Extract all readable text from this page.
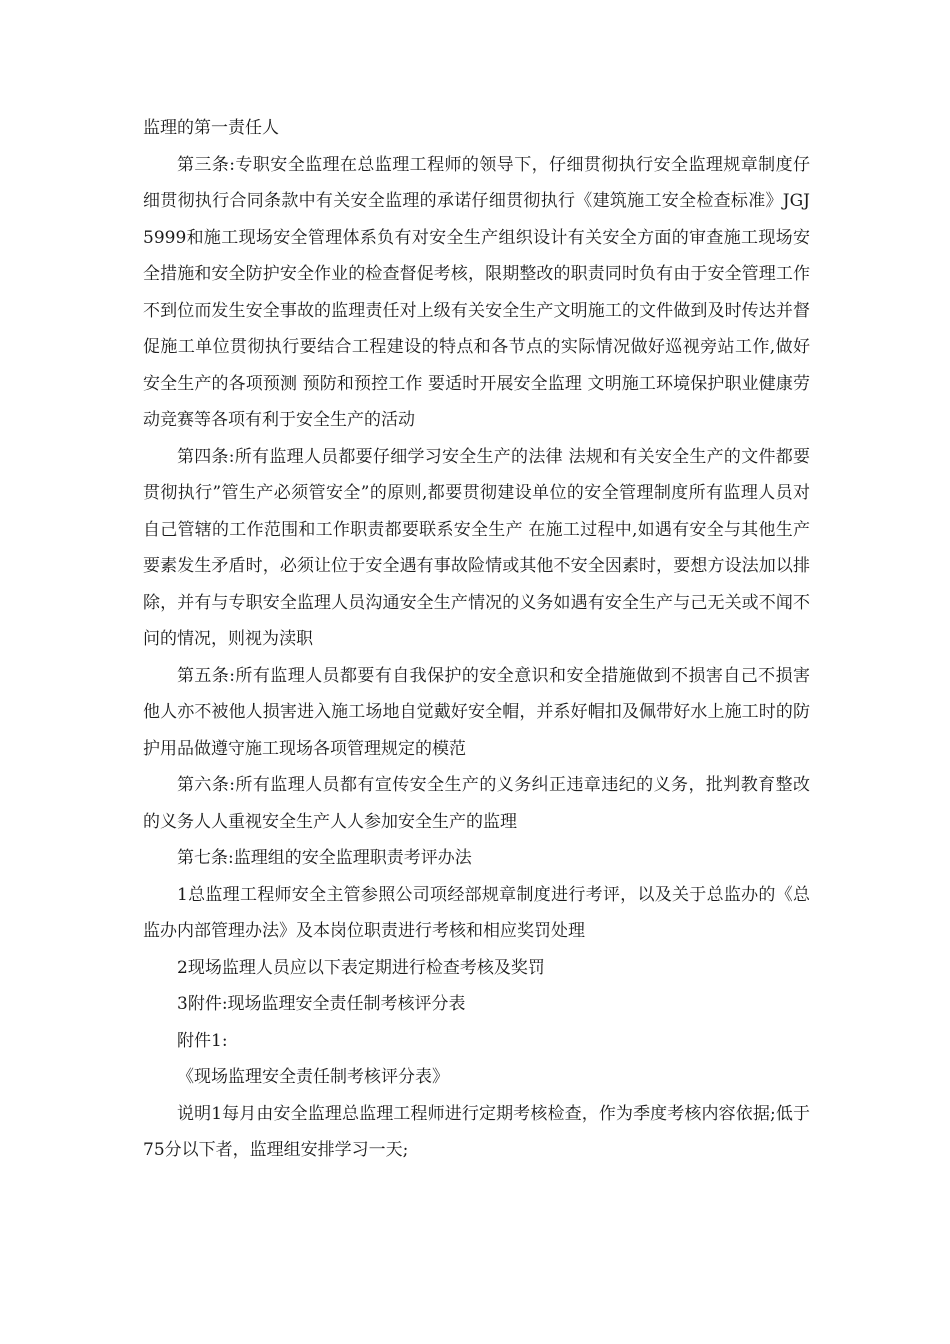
监理的第一责任人

第三条:专职安全监理在总监理工程师的领导下，仔细贯彻执行安全监理规章制度仔细贯彻执行合同条款中有关安全监理的承诺仔细贯彻执行《建筑施工安全检查标准》JGJ5999和施工现场安全管理体系负有对安全生产组织设计有关安全方面的审查施工现场安全措施和安全防护安全作业的检查督促考核，限期整改的职责同时负有由于安全管理工作不到位而发生安全事故的监理责任对上级有关安全生产文明施工的文件做到及时传达并督促施工单位贯彻执行要结合工程建设的特点和各节点的实际情况做好巡视旁站工作,做好安全生产的各项预测 预防和预控工作 要适时开展安全监理 文明施工环境保护职业健康劳动竞赛等各项有利于安全生产的活动

第四条:所有监理人员都要仔细学习安全生产的法律 法规和有关安全生产的文件都要贯彻执行”管生产必须管安全”的原则,都要贯彻建设单位的安全管理制度所有监理人员对自己管辖的工作范围和工作职责都要联系安全生产 在施工过程中,如遇有安全与其他生产要素发生矛盾时，必须让位于安全遇有事故险情或其他不安全因素时，要想方设法加以排除，并有与专职安全监理人员沟通安全生产情况的义务如遇有安全生产与己无关或不闻不问的情况，则视为渎职

第五条:所有监理人员都要有自我保护的安全意识和安全措施做到不损害自己不损害他人亦不被他人损害进入施工场地自觉戴好安全帽，并系好帽扣及佩带好水上施工时的防护用品做遵守施工现场各项管理规定的模范

第六条:所有监理人员都有宣传安全生产的义务纠正违章违纪的义务，批判教育整改的义务人人重视安全生产人人参加安全生产的监理

第七条:监理组的安全监理职责考评办法

1总监理工程师安全主管参照公司项经部规章制度进行考评，以及关于总监办的《总监办内部管理办法》及本岗位职责进行考核和相应奖罚处理

2现场监理人员应以下表定期进行检查考核及奖罚

3附件:现场监理安全责任制考核评分表

附件1:

《现场监理安全责任制考核评分表》

说明1每月由安全监理总监理工程师进行定期考核检查，作为季度考核内容依据;低于75分以下者，监理组安排学习一天;
